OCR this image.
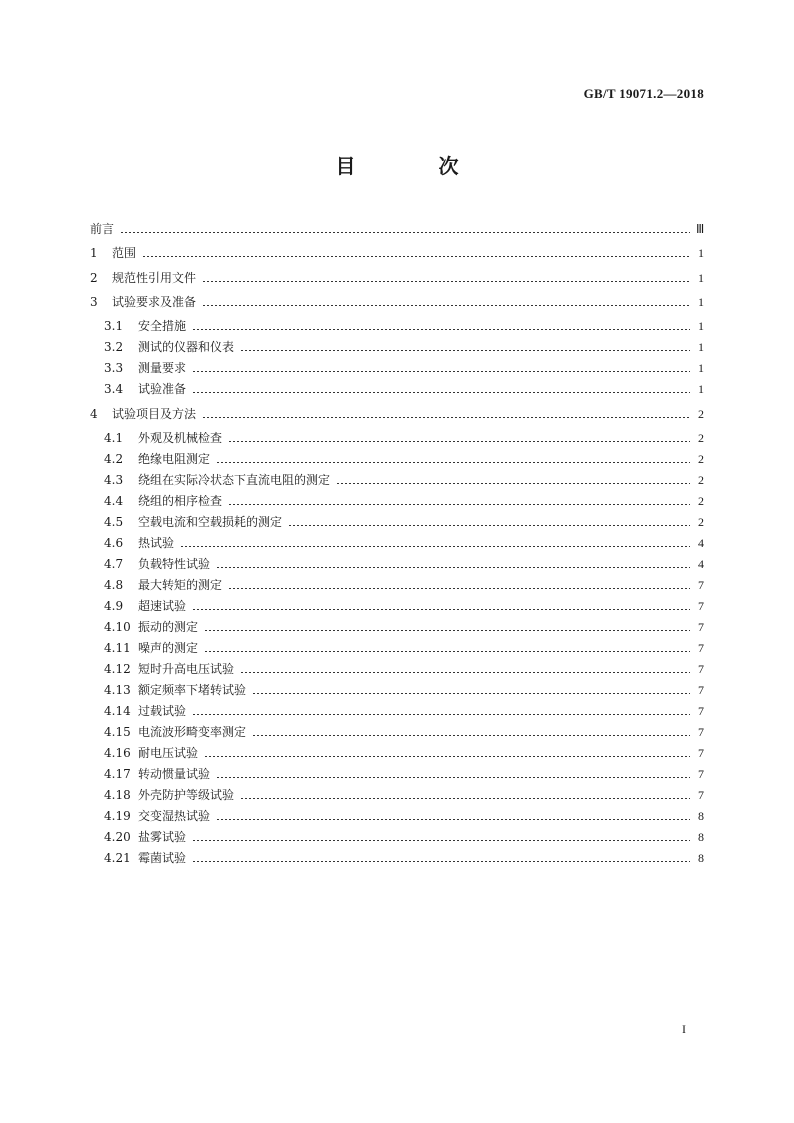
GB/T 19071.2—2018
目 次
前言	Ⅲ
1	范围	1
2	规范性引用文件	1
3	试验要求及准备	1
3.1	安全措施	1
3.2	测试的仪器和仪表	1
3.3	测量要求	1
3.4	试验准备	1
4	试验项目及方法	2
4.1	外观及机械检查	2
4.2	绝缘电阻测定	2
4.3	绕组在实际冷状态下直流电阻的测定	2
4.4	绕组的相序检查	2
4.5	空载电流和空载损耗的测定	2
4.6	热试验	4
4.7	负载特性试验	4
4.8	最大转矩的测定	7
4.9	超速试验	7
4.10 振动的测定	7
4.11 噪声的测定	7
4.12 短时升高电压试验	7
4.13 额定频率下堵转试验	7
4.14 过载试验	7
4.15 电流波形畸变率测定	7
4.16 耐电压试验	7
4.17 转动惯量试验	7
4.18 外壳防护等级试验	7
4.19 交变湿热试验	8
4.20 盐雾试验	8
4.21 霉菌试验	8
I
